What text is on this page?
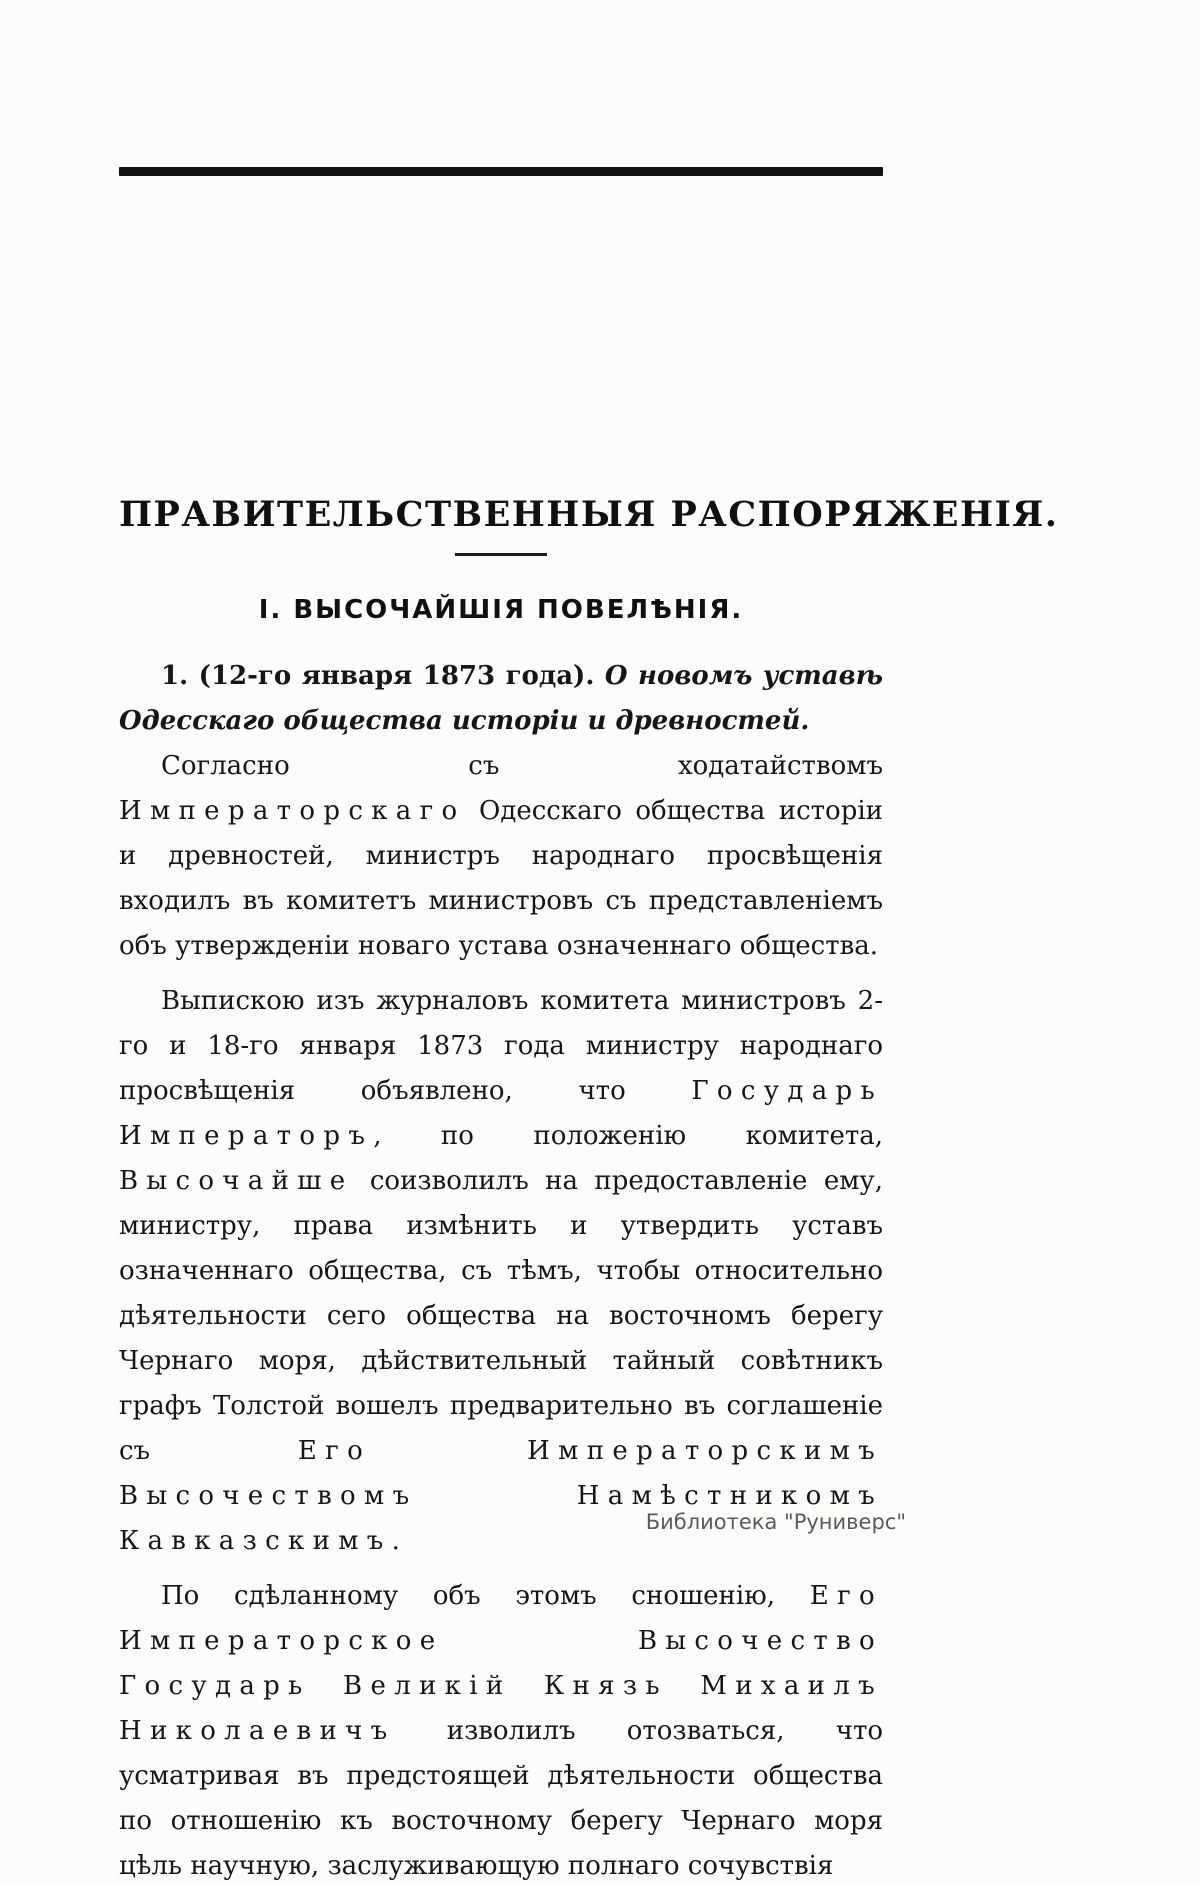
ПРАВИТЕЛЬСТВЕННЫЯ РАСПОРЯЖЕНІЯ.
І. ВЫСОЧАЙШІЯ ПОВЕЛѢНІЯ.

1. (12-го января 1873 года). О новомъ уставѣ Одесскаго общества исторіи и древностей.

Согласно съ ходатайствомъ Императорскаго Одесскаго общества исторіи и древностей, министръ народнаго просвѣщенія входилъ въ комитетъ министровъ съ представленіемъ объ утвержденіи новаго устава означеннаго общества.

Выпискою изъ журналовъ комитета министровъ 2-го и 18-го января 1873 года министру народнаго просвѣщенія объявлено, что Государь Императоръ, по положенію комитета, Высочайше соизволилъ на предоставленіе ему, министру, права измѣнить и утвердить уставъ означеннаго общества, съ тѣмъ, чтобы относительно дѣятельности сего общества на восточномъ берегу Чернаго моря, дѣйствительный тайный совѣтникъ графъ Толстой вошелъ предварительно въ соглашеніе съ Его Императорскимъ Высочествомъ Намѣстникомъ Кавказскимъ.

По сдѣланному объ этомъ сношенію, Его Императорское Высочество Государь Великій Князь Михаилъ Николаевичъ изволилъ отозваться, что усматривая въ предстоящей дѣятельности общества по отношенію къ восточному берегу Чернаго моря цѣль научную, заслуживающую полнаго сочувствія

Библиотека "Руниверс"
